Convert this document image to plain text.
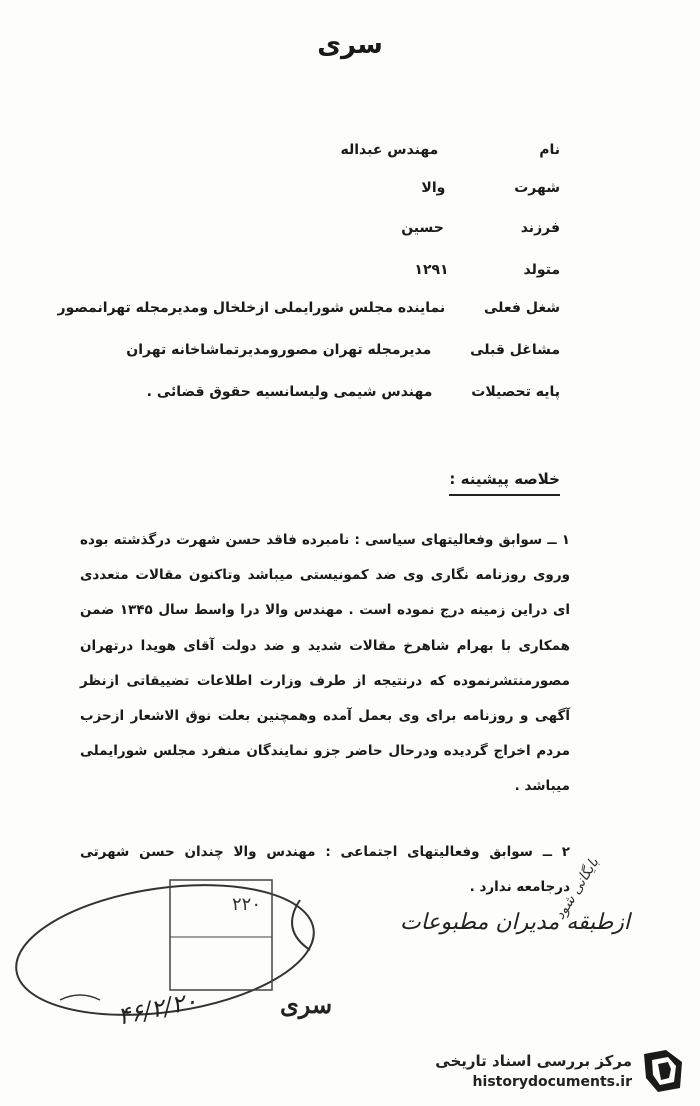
سری
نام مهندس عبداله
شهرت والا
فرزند حسین
متولد ۱۲۹۱
شغل فعلی نماینده مجلس شورایملی ازخلخال ومدیرمجله تهرانمصور
مشاغل قبلی مدیرمجله تهران مصورومدیرتماشاخانه تهران
پایه تحصیلات مهندس شیمی ولیسانسیه حقوق قضائی .
خلاصه پیشینه :
۱ ــ سوابق وفعالیتهای سیاسی : نامبرده فاقد حسن شهرت درگذشته بوده وروی روزنامه نگاری وی ضد کمونیستی میباشد وتاکنون مقالات متعددی ای دراین زمینه درج نموده است . مهندس والا درا واسط سال ۱۳۴۵ ضمن همکاری با بهرام شاهرخ مقالات شدید و ضد دولت آقای هویدا درتهران مصورمنتشرنموده که درنتیجه از طرف وزارت اطلاعات تضییقاتی ازنظر آگهی و روزنامه برای وی بعمل آمده وهمچنین بعلت نوق الاشعار ازحزب مردم اخراج گردیده ودرحال حاضر جزو نمایندگان منفرد مجلس شورایملی میباشد .
۲ ــ سوابق وفعالیتهای اجتماعی : مهندس والا چندان حسن شهرتی درجامعه ندارد .
۲۲۰
ازطبقه مدیران مطبوعات
سری
۴۶/۲/۲۰
بایگانی شود
مرکز بررسی اسناد تاریخی
historydocuments.ir
